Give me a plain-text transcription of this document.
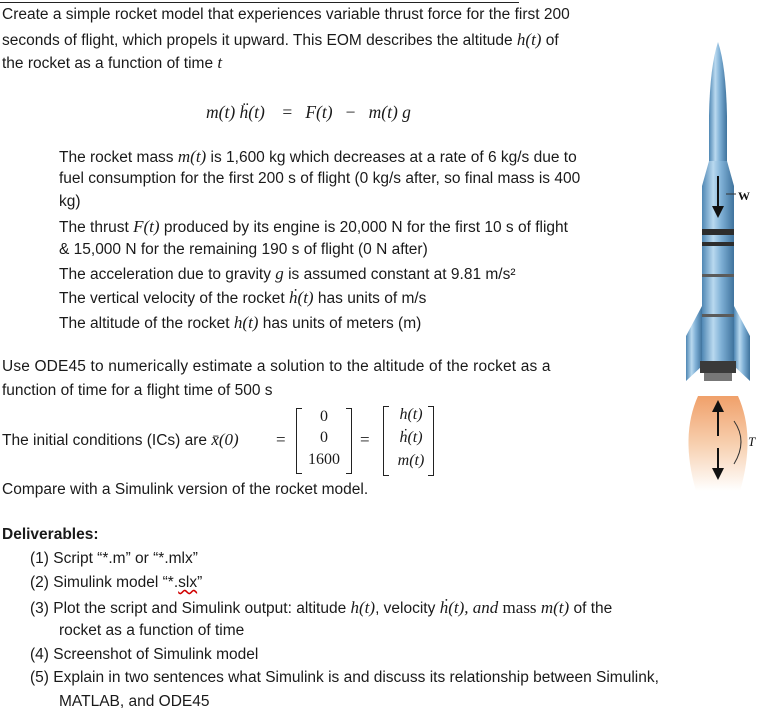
Create a simple rocket model that experiences variable thrust force for the first 200
seconds of flight, which propels it upward. This EOM describes the altitude h(t) of
the rocket as a function of time t
m(t) ḧ(t) = F(t) − m(t) g
The rocket mass m(t) is 1,600 kg which decreases at a rate of 6 kg/s due to
fuel consumption for the first 200 s of flight (0 kg/s after, so final mass is 400
kg)
The thrust F(t) produced by its engine is 20,000 N for the first 10 s of flight
& 15,000 N for the remaining 190 s of flight (0 N after)
The acceleration due to gravity g is assumed constant at 9.81 m/s²
The vertical velocity of the rocket ḣ(t) has units of m/s
The altitude of the rocket h(t) has units of meters (m)
Use ODE45 to numerically estimate a solution to the altitude of the rocket as a
function of time for a flight time of 500 s
The initial conditions (ICs) are x̄(0) =
0
0
1600
=
h(t)
ḣ(t)
m(t)
Compare with a Simulink version of the rocket model.
Deliverables:
(1) Script “*.m” or “*.mlx”
(2) Simulink model “*.slx”
(3) Plot the script and Simulink output: altitude h(t), velocity ḣ(t), and mass m(t) of the
rocket as a function of time
(4) Screenshot of Simulink model
(5) Explain in two sentences what Simulink is and discuss its relationship between Simulink,
MATLAB, and ODE45
W
T
